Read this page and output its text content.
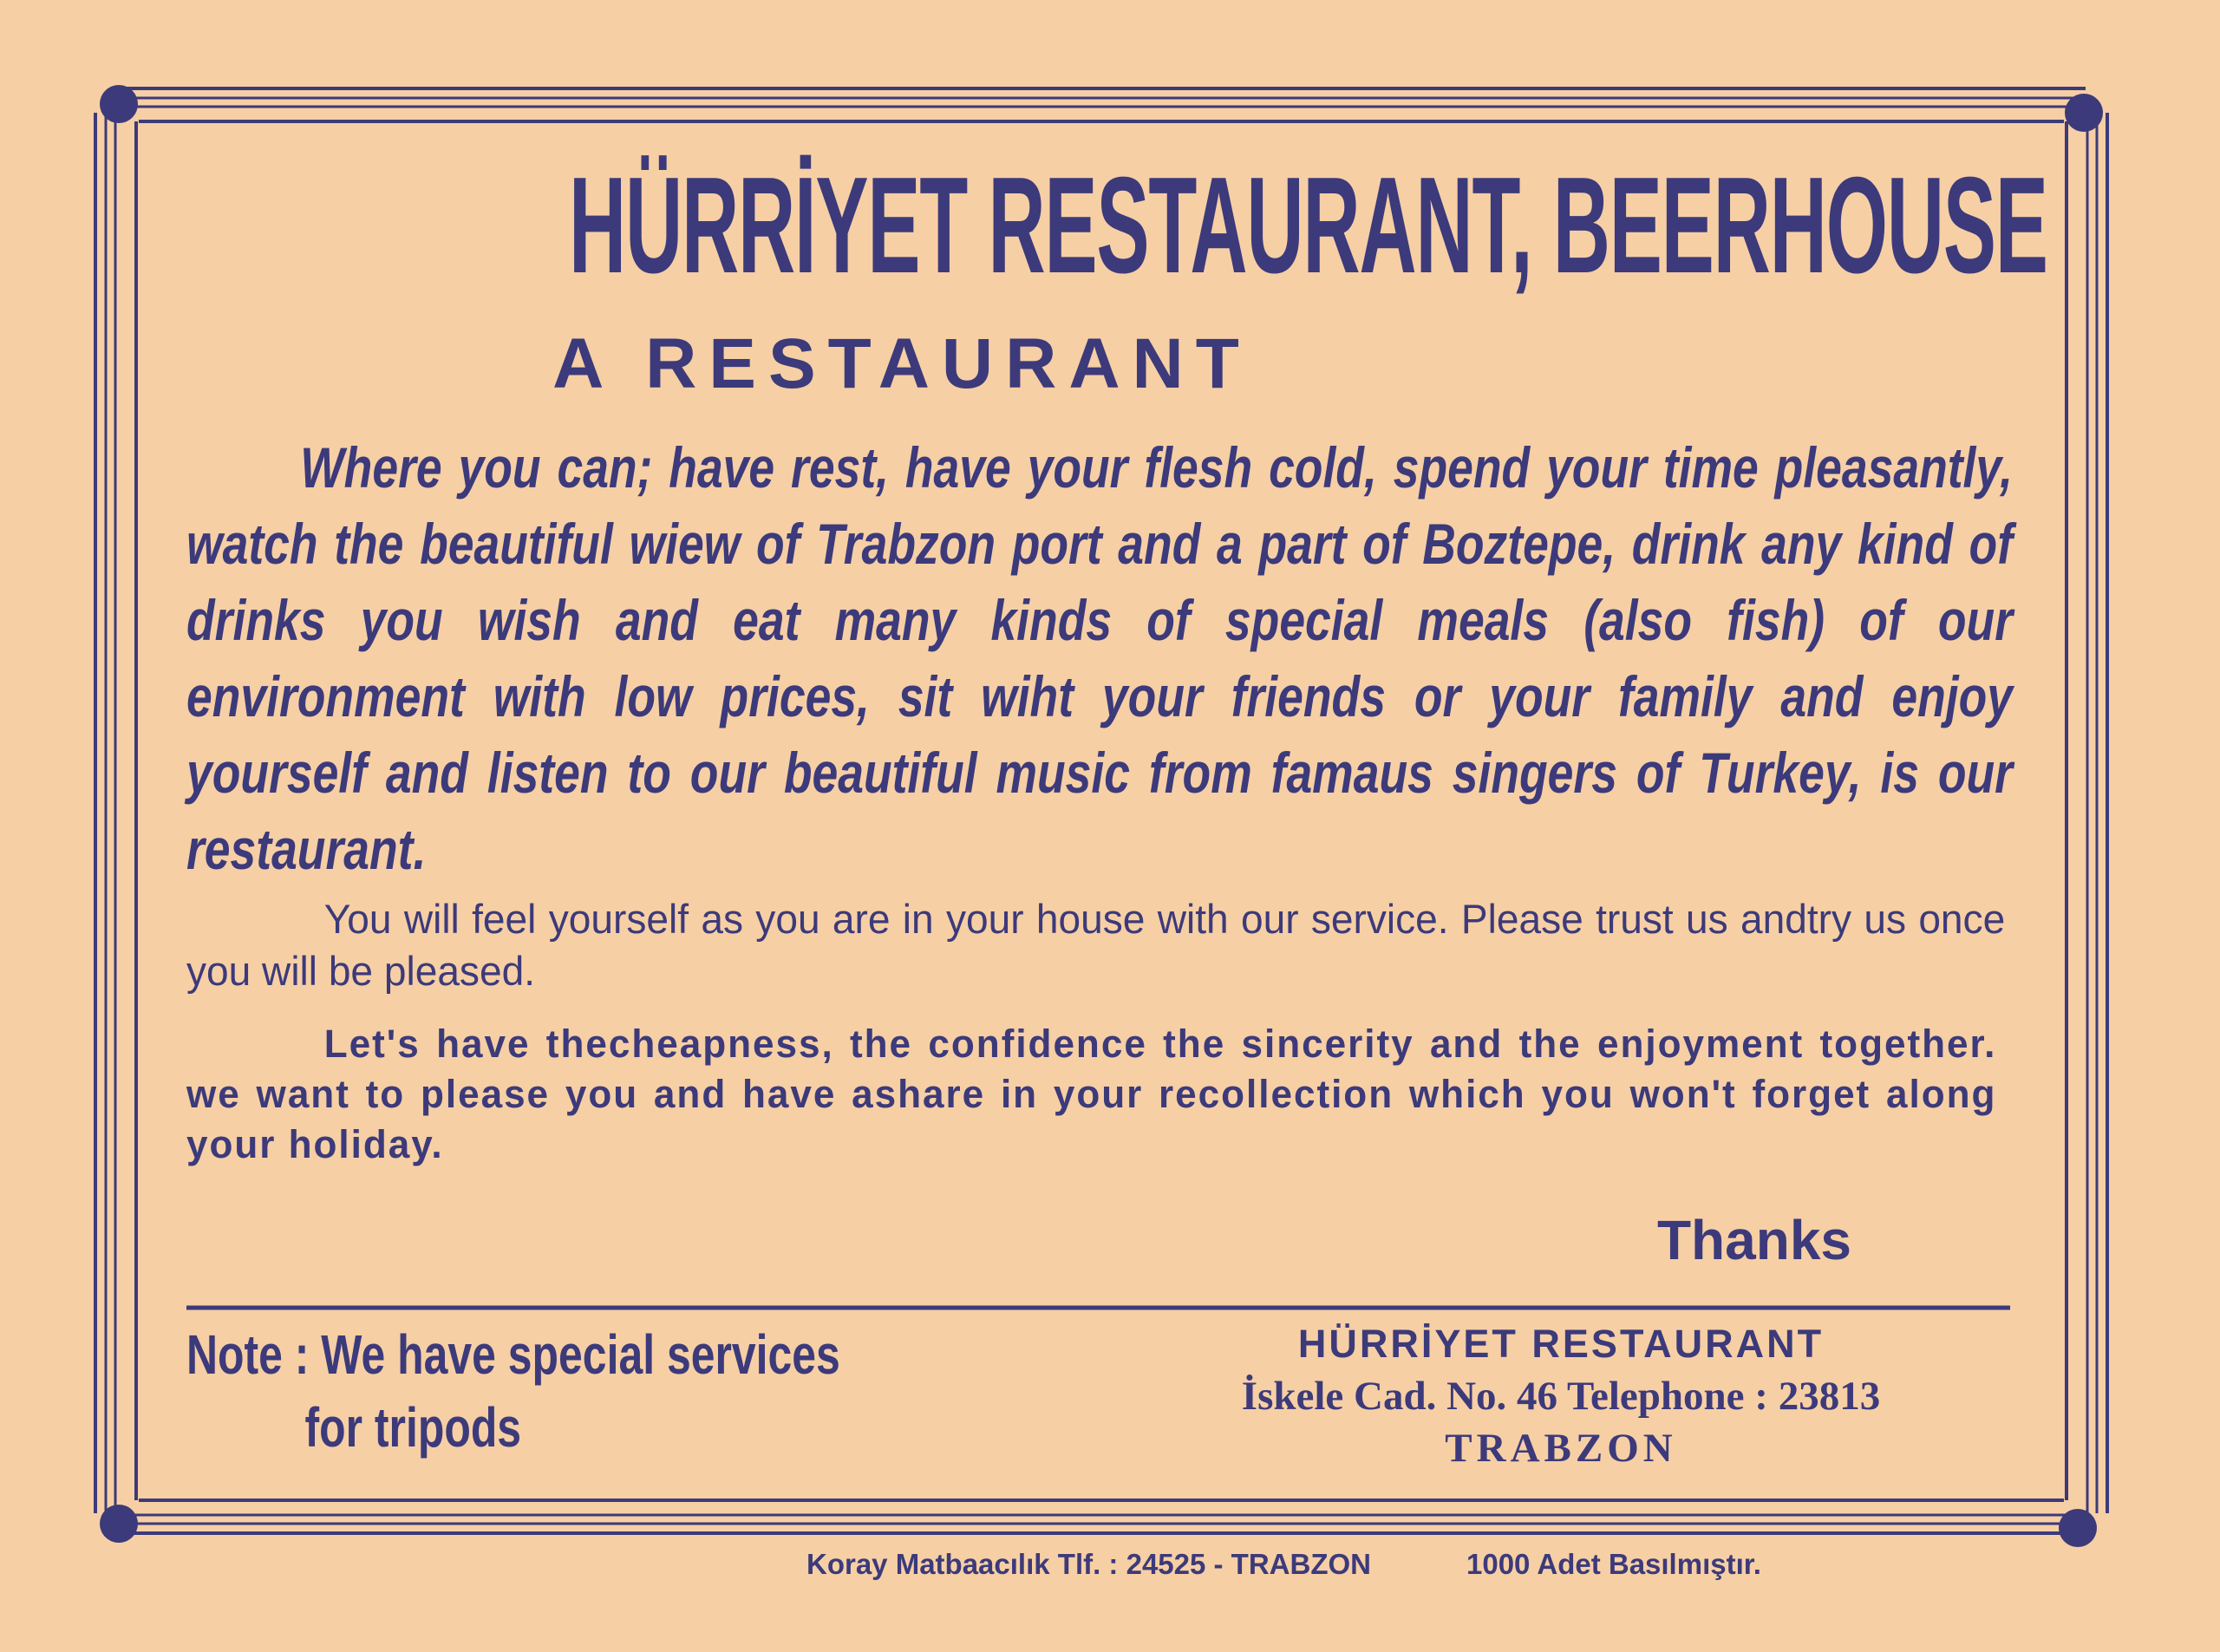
HÜRRİYET RESTAURANT, BEERHOUSE
A RESTAURANT

Where you can; have rest, have your flesh cold, spend your time pleasantly, watch the beautiful wiew of Trabzon port and a part of Boztepe, drink any kind of drinks you wish and eat many kinds of special meals (also fish) of our environment with low prices, sit wiht your friends or your family and enjoy yourself and listen to our beautiful music from famaus singers of Turkey, is our restaurant.

You will feel yourself as you are in your house with our service. Please trust us andtry us once you will be pleased.

Let's have thecheapness, the confidence the sincerity and the enjoyment together. we want to please you and have ashare in your recollection which you won't forget along your holiday.

Thanks
Note : We have special services
for tripods
HÜRRİYET RESTAURANT
İskele Cad. No. 46 Telephone : 23813
TRABZON
Koray Matbaacılık Tlf. : 24525 - TRABZON	1000 Adet Basılmıştır.
